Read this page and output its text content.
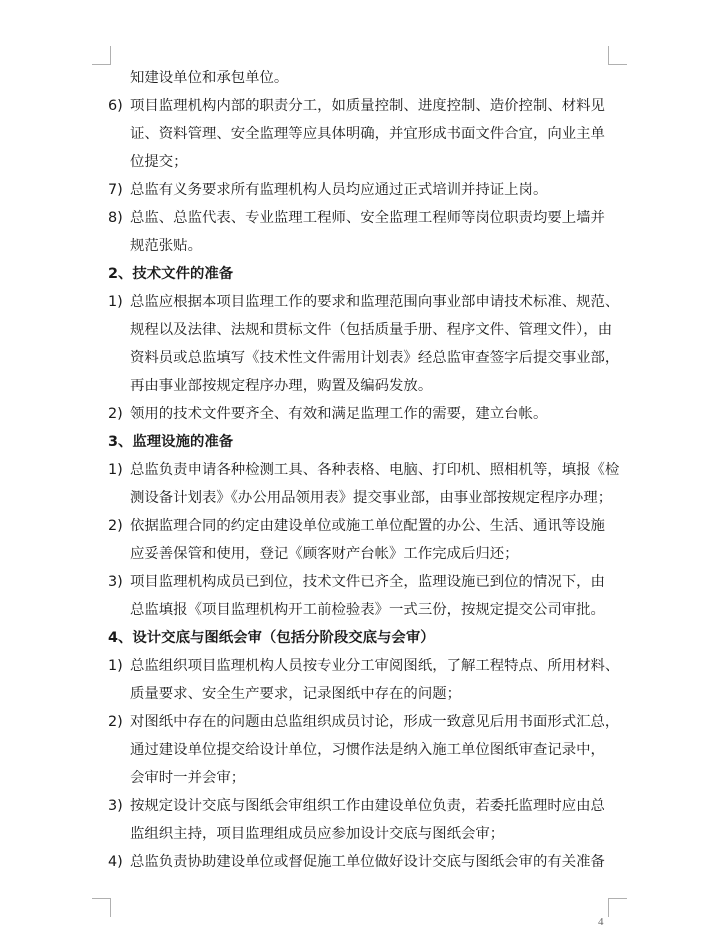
知建设单位和承包单位。
6) 项目监理机构内部的职责分工，如质量控制、进度控制、造价控制、材料见
证、资料管理、安全监理等应具体明确，并宜形成书面文件合宜，向业主单
位提交；
7) 总监有义务要求所有监理机构人员均应通过正式培训并持证上岗。
8) 总监、总监代表、专业监理工程师、安全监理工程师等岗位职责均要上墙并
规范张贴。
2、技术文件的准备
1) 总监应根据本项目监理工作的要求和监理范围向事业部申请技术标准、规范、
规程以及法律、法规和贯标文件（包括质量手册、程序文件、管理文件），由
资料员或总监填写《技术性文件需用计划表》经总监审查签字后提交事业部，
再由事业部按规定程序办理，购置及编码发放。
2) 领用的技术文件要齐全、有效和满足监理工作的需要，建立台帐。
3、监理设施的准备
1) 总监负责申请各种检测工具、各种表格、电脑、打印机、照相机等，填报《检
测设备计划表》《办公用品领用表》提交事业部，由事业部按规定程序办理；
2) 依据监理合同的约定由建设单位或施工单位配置的办公、生活、通讯等设施
应妥善保管和使用，登记《顾客财产台帐》工作完成后归还；
3) 项目监理机构成员已到位，技术文件已齐全，监理设施已到位的情况下，由
总监填报《项目监理机构开工前检验表》一式三份，按规定提交公司审批。
4、设计交底与图纸会审（包括分阶段交底与会审）
1) 总监组织项目监理机构人员按专业分工审阅图纸，了解工程特点、所用材料、
质量要求、安全生产要求，记录图纸中存在的问题；
2) 对图纸中存在的问题由总监组织成员讨论，形成一致意见后用书面形式汇总，
通过建设单位提交给设计单位，习惯作法是纳入施工单位图纸审查记录中，
会审时一并会审；
3) 按规定设计交底与图纸会审组织工作由建设单位负责，若委托监理时应由总
监组织主持，项目监理组成员应参加设计交底与图纸会审；
4) 总监负责协助建设单位或督促施工单位做好设计交底与图纸会审的有关准备
4
